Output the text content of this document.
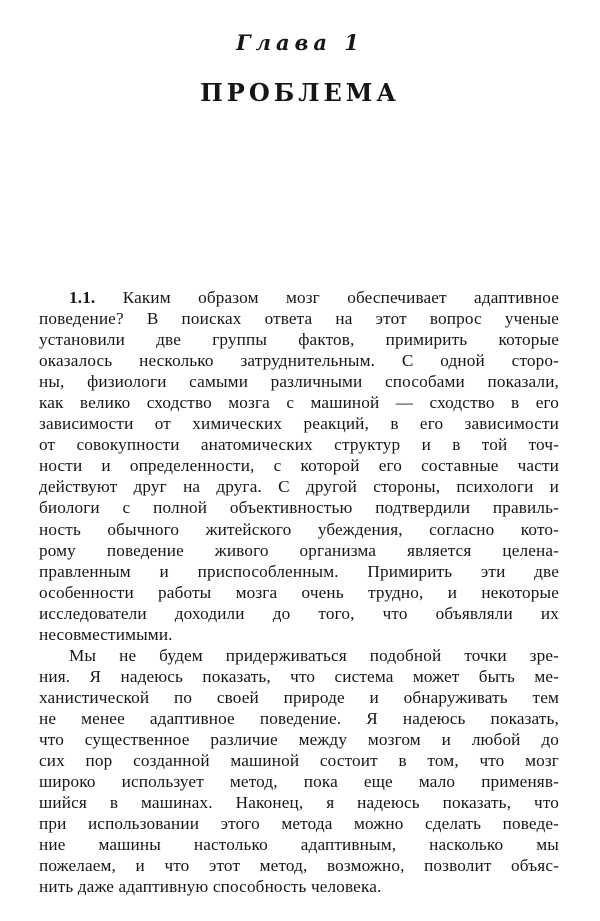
Глава 1
ПРОБЛЕМА
1.1. Каким образом мозг обеспечивает адаптивное
поведение? В поисках ответа на этот вопрос ученые
установили две группы фактов, примирить которые
оказалось несколько затруднительным. С одной сторо-
ны, физиологи самыми различными способами показали,
как велико сходство мозга с машиной — сходство в его
зависимости от химических реакций, в его зависимости
от совокупности анатомических структур и в той точ-
ности и определенности, с которой его составные части
действуют друг на друга. С другой стороны, психологи и
биологи с полной объективностью подтвердили правиль-
ность обычного житейского убеждения, согласно кото-
рому поведение живого организма является целена-
правленным и приспособленным. Примирить эти две
особенности работы мозга очень трудно, и некоторые
исследователи доходили до того, что объявляли их
несовместимыми.
Мы не будем придерживаться подобной точки зре-
ния. Я надеюсь показать, что система может быть ме-
ханистической по своей природе и обнаруживать тем
не менее адаптивное поведение. Я надеюсь показать,
что существенное различие между мозгом и любой до
сих пор созданной машиной состоит в том, что мозг
широко использует метод, пока еще мало применяв-
шийся в машинах. Наконец, я надеюсь показать, что
при использовании этого метода можно сделать поведе-
ние машины настолько адаптивным, насколько мы
пожелаем, и что этот метод, возможно, позволит объяс-
нить даже адаптивную способность человека.
